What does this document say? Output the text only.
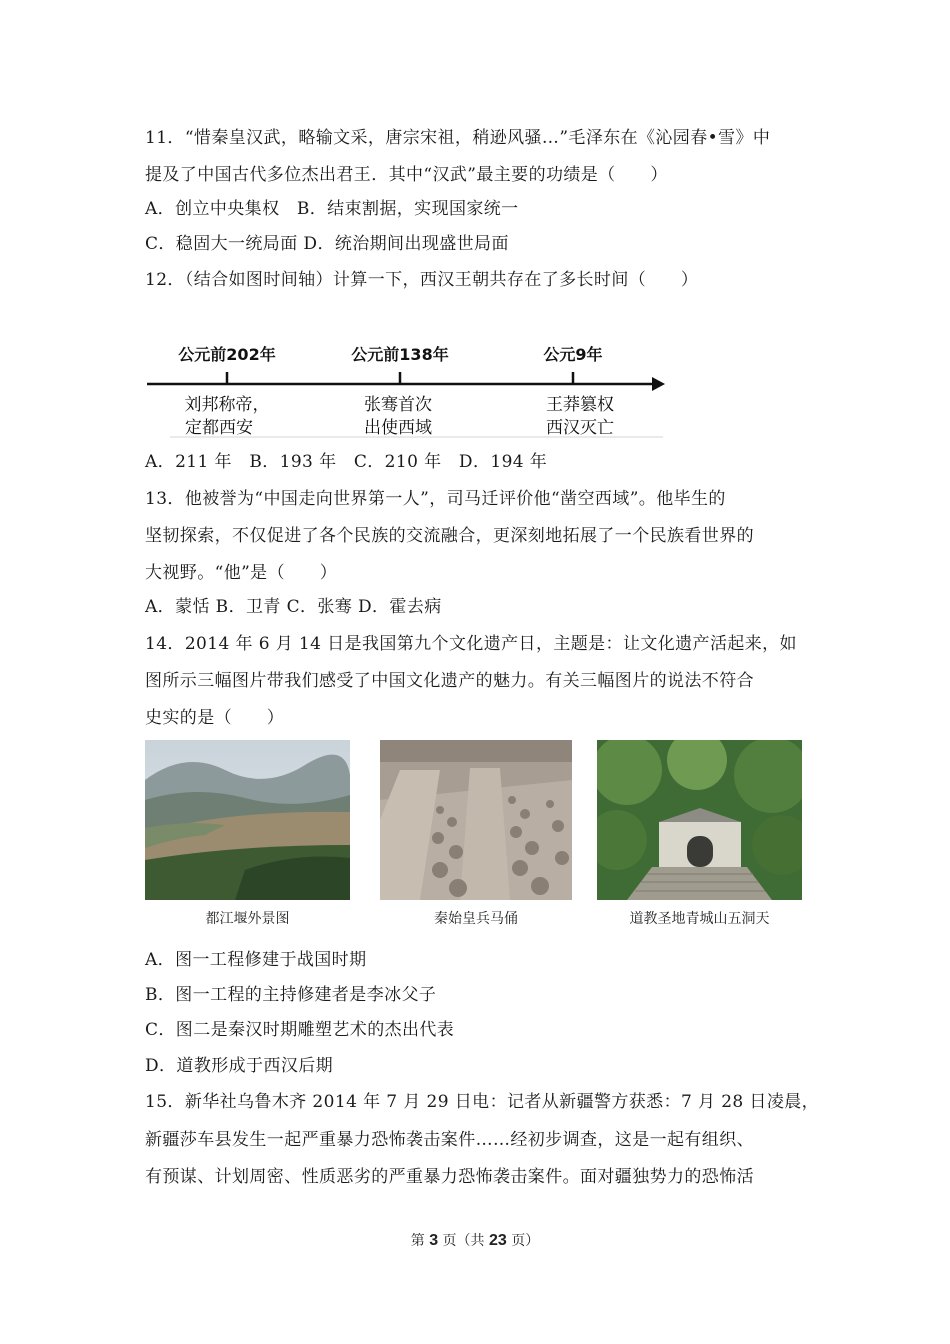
11．“惜秦皇汉武，略输文采，唐宗宋祖，稍逊风骚…”毛泽东在《沁园春•雪》中
提及了中国古代多位杰出君王．其中“汉武”最主要的功绩是（　　）
A．创立中央集权　B．结束割据，实现国家统一
C．稳固大一统局面 D．统治期间出现盛世局面
12．（结合如图时间轴）计算一下，西汉王朝共存在了多长时间（　　）
公元前202年	公元前138年	公元9年
刘邦称帝，
定都西安
张骞首次
出使西域
王莽篡权
西汉灭亡
A．211 年　B．193 年　C．210 年　D．194 年
13．他被誉为“中国走向世界第一人”，司马迁评价他“凿空西域”。他毕生的
坚韧探索，不仅促进了各个民族的交流融合，更深刻地拓展了一个民族看世界的
大视野。“他”是（　　）
A．蒙恬 B．卫青 C．张骞 D．霍去病
14．2014 年 6 月 14 日是我国第九个文化遗产日，主题是：让文化遗产活起来，如
图所示三幅图片带我们感受了中国文化遗产的魅力。有关三幅图片的说法不符合
史实的是（　　）
都江堰外景图	秦始皇兵马俑	道教圣地青城山五洞天
A．图一工程修建于战国时期
B．图一工程的主持修建者是李冰父子
C．图二是秦汉时期雕塑艺术的杰出代表
D．道教形成于西汉后期
15．新华社乌鲁木齐 2014 年 7 月 29 日电：记者从新疆警方获悉：7 月 28 日凌晨，
新疆莎车县发生一起严重暴力恐怖袭击案件……经初步调查，这是一起有组织、
有预谋、计划周密、性质恶劣的严重暴力恐怖袭击案件。面对疆独势力的恐怖活
第 3 页（共 23 页）
